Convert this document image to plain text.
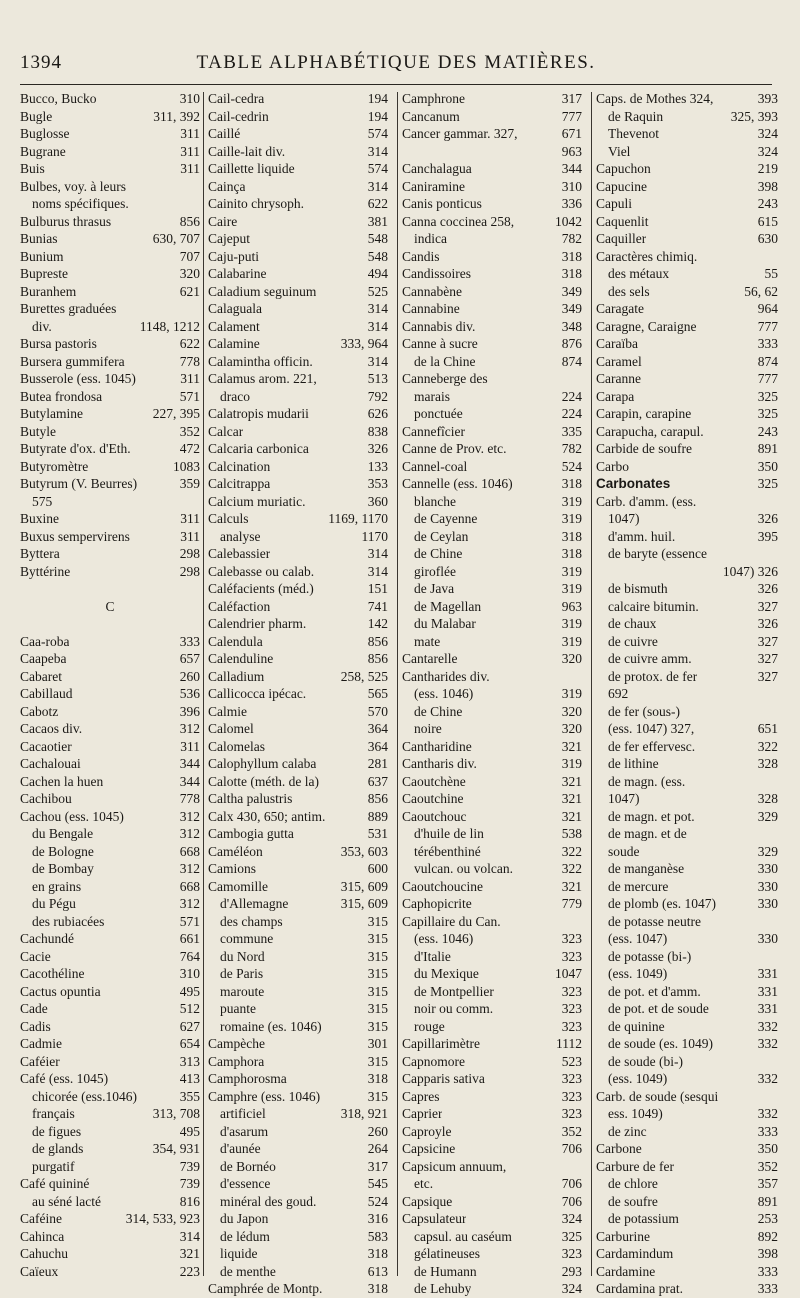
1394	TABLE ALPHABÉTIQUE DES MATIÈRES.
Bucco, Bucko	310
Bugle	311, 392
Buglosse	311
Bugrane	311
Buis	311
Bulbes, voy. à leurs
noms spécifiques.
Bulburus thrasus	856
Bunias	630, 707
Bunium	707
Bupreste	320
Buranhem	621
Burettes graduées
div.	1148, 1212
Bursa pastoris	622
Bursera gummifera	778
Busserole (ess. 1045)	311
Butea frondosa	571
Butylamine	227, 395
Butyle	352
Butyrate d'ox. d'Eth.	472
Butyromètre	1083
Butyrum (V. Beurres)	359
575
Buxine	311
Buxus sempervirens	311
Byttera	298
Byttérine	298
C
Caa-roba	333
Caapeba	657
Cabaret	260
Cabillaud	536
Cabotz	396
Cacaos div.	312
Cacaotier	311
Cachalouai	344
Cachen la huen	344
Cachibou	778
Cachou (ess. 1045)	312
du Bengale	312
de Bologne	668
de Bombay	312
en grains	668
du Pégu	312
des rubiacées	571
Cachundé	661
Cacie	764
Cacothéline	310
Cactus opuntia	495
Cade	512
Cadis	627
Cadmie	654
Caféier	313
Café (ess. 1045)	413
chicorée (ess.1046)	355
français	313, 708
de figues	495
de glands	354, 931
purgatif	739
Café quininé	739
au séné lacté	816
Caféine	314, 533, 923
Cahinca	314
Cahuchu	321
Caïeux	223
Cail-cedra	194
Cail-cedrin	194
Caillé	574
Caille-lait div.	314
Caillette liquide	574
Cainça	314
Cainito chrysoph.	622
Caire	381
Cajeput	548
Caju-puti	548
Calabarine	494
Caladium seguinum	525
Calaguala	314
Calament	314
Calamine	333, 964
Calamintha officin.	314
Calamus arom. 221,	513
draco	792
Calatropis mudarii	626
Calcar	838
Calcaria carbonica	326
Calcination	133
Calcitrappa	353
Calcium muriatic.	360
Calculs	1169, 1170
analyse	1170
Calebassier	314
Calebasse ou calab.	314
Caléfacients (méd.)	151
Caléfaction	741
Calendrier pharm.	142
Calendula	856
Calenduline	856
Calladium	258, 525
Callicocca ipécac.	565
Calmie	570
Calomel	364
Calomelas	364
Calophyllum calaba	281
Calotte (méth. de la)	637
Caltha palustris	856
Calx 430, 650; antim.	889
Cambogia gutta	531
Caméléon	353, 603
Camions	600
Camomille	315, 609
d'Allemagne	315, 609
des champs	315
commune	315
du Nord	315
de Paris	315
maroute	315
puante	315
romaine (es. 1046)	315
Campèche	301
Camphora	315
Camphorosma	318
Camphre (ess. 1046)	315
artificiel	318, 921
d'asarum	260
d'aunée	264
de Bornéo	317
d'essence	545
minéral des goud.	524
du Japon	316
de lédum	583
liquide	318
de menthe	613
Camphrée de Montp.	318
Camphrone	317
Cancanum	777
Cancer gammar. 327,	671
963
Canchalagua	344
Caniramine	310
Canis ponticus	336
Canna coccinea 258,	1042
indica	782
Candis	318
Candissoires	318
Cannabène	349
Cannabine	349
Cannabis div.	348
Canne à sucre	876
de la Chine	874
Canneberge des
marais	224
ponctuée	224
Cannefîcier	335
Canne de Prov. etc.	782
Cannel-coal	524
Cannelle (ess. 1046)	318
blanche	319
de Cayenne	319
de Ceylan	318
de Chine	318
giroflée	319
de Java	319
de Magellan	963
du Malabar	319
mate	319
Cantarelle	320
Cantharides div.
(ess. 1046)	319
de Chine	320
noire	320
Cantharidine	321
Cantharis div.	319
Caoutchène	321
Caoutchine	321
Caoutchouc	321
d'huile de lin	538
térébenthiné	322
vulcan. ou volcan.	322
Caoutchoucine	321
Caphopicrite	779
Capillaire du Can.
(ess. 1046)	323
d'Italie	323
du Mexique	1047
de Montpellier	323
noir ou comm.	323
rouge	323
Capillarimètre	1112
Capnomore	523
Capparis sativa	323
Capres	323
Caprier	323
Caproyle	352
Capsicine	706
Capsicum annuum,
etc.	706
Capsique	706
Capsulateur	324
capsul. au caséum	325
gélatineuses	323
de Humann	293
de Lehuby	324
Caps. de Mothes 324,	393
de Raquin	325, 393
Thevenot	324
Viel	324
Capuchon	219
Capucine	398
Capuli	243
Caquenlit	615
Caquiller	630
Caractères chimiq.
des métaux	55
des sels	56, 62
Caragate	964
Caragne, Caraigne	777
Caraïba	333
Caramel	874
Caranne	777
Carapa	325
Carapin, carapine	325
Carapucha, carapul.	243
Carbide de soufre	891
Carbo	350
Carbonates	325
Carb. d'amm. (ess.
1047)	326
d'amm. huil.	395
de baryte (essence
1047) 326
de bismuth	326
calcaire bitumin.	327
de chaux	326
de cuivre	327
de cuivre amm.	327
de protox. de fer	327
692
de fer (sous-)
(ess. 1047) 327,	651
de fer effervesc.	322
de lithine	328
de magn. (ess.
1047)	328
de magn. et pot.	329
de magn. et de
soude	329
de manganèse	330
de mercure	330
de plomb (es. 1047)	330
de potasse neutre
(ess. 1047)	330
de potasse (bi-)
(ess. 1049)	331
de pot. et d'amm.	331
de pot. et de soude	331
de quinine	332
de soude (es. 1049)	332
de soude (bi-)
(ess. 1049)	332
Carb. de soude (sesqui
ess. 1049)	332
de zinc	333
Carbone	350
Carbure de fer	352
de chlore	357
de soufre	891
de potassium	253
Carburine	892
Cardamindum	398
Cardamine	333
Cardamina prat.	333
